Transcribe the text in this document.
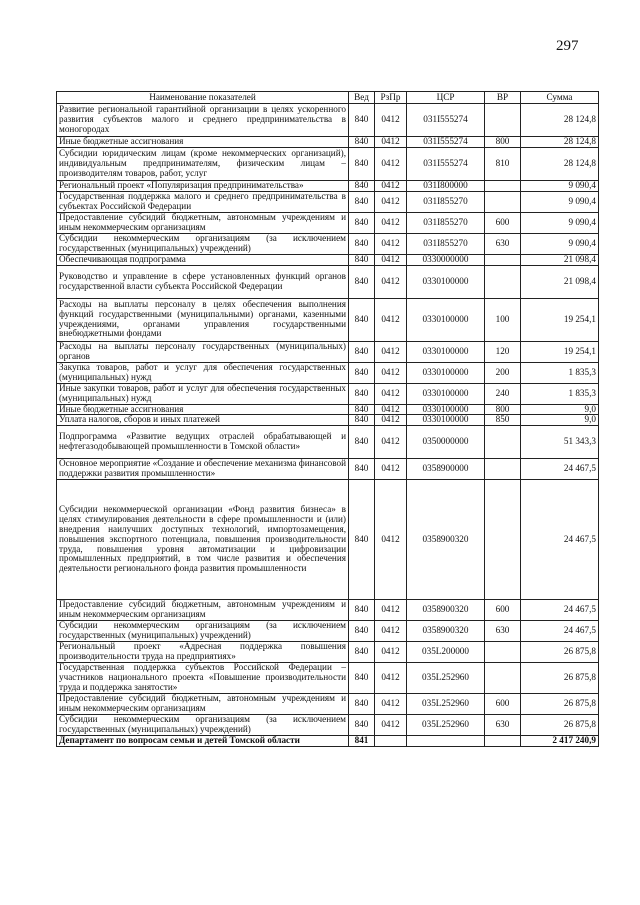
297
Наименование показателей	Вед	РзПр	ЦСР	ВР	Сумма
Развитие региональной гарантийной организации в целях ускоренного развития субъектов малого и среднего предпринимательства в моногородах	840	0412	031I555274		28 124,8
Иные бюджетные ассигнования	840	0412	031I555274	800	28 124,8
Субсидии юридическим лицам (кроме некоммерческих организаций), индивидуальным предпринимателям, физическим лицам – производителям товаров, работ, услуг	840	0412	031I555274	810	28 124,8
Региональный проект «Популяризация предпринимательства»	840	0412	031I800000		9 090,4
Государственная поддержка малого и среднего предпринимательства в субъектах Российской Федерации	840	0412	031I855270		9 090,4
Предоставление субсидий бюджетным, автономным учреждениям и иным некоммерческим организациям	840	0412	031I855270	600	9 090,4
Субсидии некоммерческим организациям (за исключением государственных (муниципальных) учреждений)	840	0412	031I855270	630	9 090,4
Обеспечивающая подпрограмма	840	0412	0330000000		21 098,4
Руководство и управление в сфере установленных функций органов государственной власти субъекта Российской Федерации	840	0412	0330100000		21 098,4
Расходы на выплаты персоналу в целях обеспечения выполнения функций государственными (муниципальными) органами, казенными учреждениями, органами управления государственными внебюджетными фондами	840	0412	0330100000	100	19 254,1
Расходы на выплаты персоналу государственных (муниципальных) органов	840	0412	0330100000	120	19 254,1
Закупка товаров, работ и услуг для обеспечения государственных (муниципальных) нужд	840	0412	0330100000	200	1 835,3
Иные закупки товаров, работ и услуг для обеспечения государственных (муниципальных) нужд	840	0412	0330100000	240	1 835,3
Иные бюджетные ассигнования	840	0412	0330100000	800	9,0
Уплата налогов, сборов и иных платежей	840	0412	0330100000	850	9,0
Подпрограмма «Развитие ведущих отраслей обрабатывающей и нефтегазодобывающей промышленности в Томской области»	840	0412	0350000000		51 343,3
Основное мероприятие «Создание и обеспечение механизма финансовой поддержки развития промышленности»	840	0412	0358900000		24 467,5
Субсидии некоммерческой организации «Фонд развития бизнеса» в целях стимулирования деятельности в сфере промышленности и (или) внедрения наилучших доступных технологий, импортозамещения, повышения экспортного потенциала, повышения производительности труда, повышения уровня автоматизации и цифровизации промышленных предприятий, в том числе развития и обеспечения деятельности регионального фонда развития промышленности	840	0412	0358900320		24 467,5
Предоставление субсидий бюджетным, автономным учреждениям и иным некоммерческим организациям	840	0412	0358900320	600	24 467,5
Субсидии некоммерческим организациям (за исключением государственных (муниципальных) учреждений)	840	0412	0358900320	630	24 467,5
Региональный проект «Адресная поддержка повышения производительности труда на предприятиях»	840	0412	035L200000		26 875,8
Государственная поддержка субъектов Российской Федерации – участников национального проекта «Повышение производительности труда и поддержка занятости»	840	0412	035L252960		26 875,8
Предоставление субсидий бюджетным, автономным учреждениям и иным некоммерческим организациям	840	0412	035L252960	600	26 875,8
Субсидии некоммерческим организациям (за исключением государственных (муниципальных) учреждений)	840	0412	035L252960	630	26 875,8
Департамент по вопросам семьи и детей Томской области	841				2 417 240,9
